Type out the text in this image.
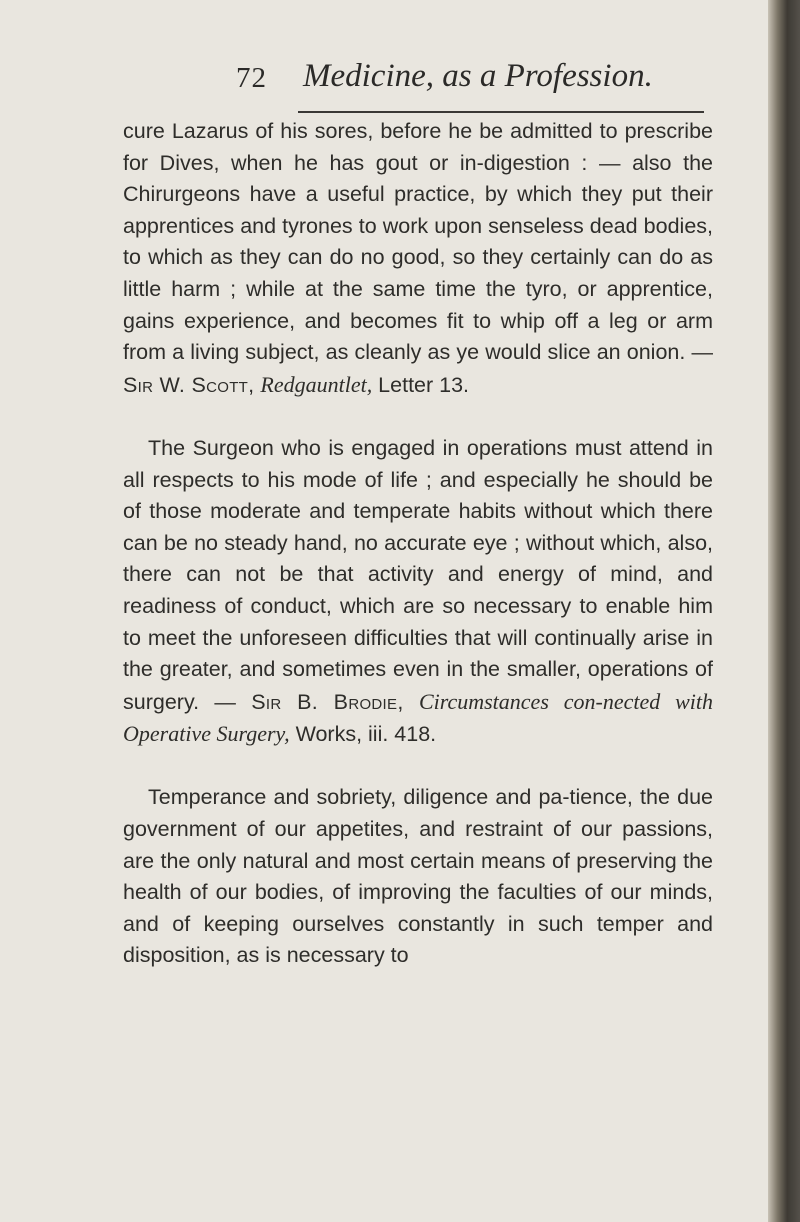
72 Medicine, as a Profession.

cure Lazarus of his sores, before he be admitted to prescribe for Dives, when he has gout or in-digestion : — also the Chirurgeons have a useful practice, by which they put their apprentices and tyrones to work upon senseless dead bodies, to which as they can do no good, so they certainly can do as little harm ; while at the same time the tyro, or apprentice, gains experience, and becomes fit to whip off a leg or arm from a living subject, as cleanly as ye would slice an onion. — Sir W. Scott, Redgauntlet, Letter 13.

The Surgeon who is engaged in operations must attend in all respects to his mode of life ; and especially he should be of those moderate and temperate habits without which there can be no steady hand, no accurate eye ; without which, also, there can not be that activity and energy of mind, and readiness of conduct, which are so necessary to enable him to meet the unforeseen difficulties that will continually arise in the greater, and sometimes even in the smaller, operations of surgery. — Sir B. Brodie, Circumstances con-nected with Operative Surgery, Works, iii. 418.

Temperance and sobriety, diligence and pa-tience, the due government of our appetites, and restraint of our passions, are the only natural and most certain means of preserving the health of our bodies, of improving the faculties of our minds, and of keeping ourselves constantly in such temper and disposition, as is necessary to
